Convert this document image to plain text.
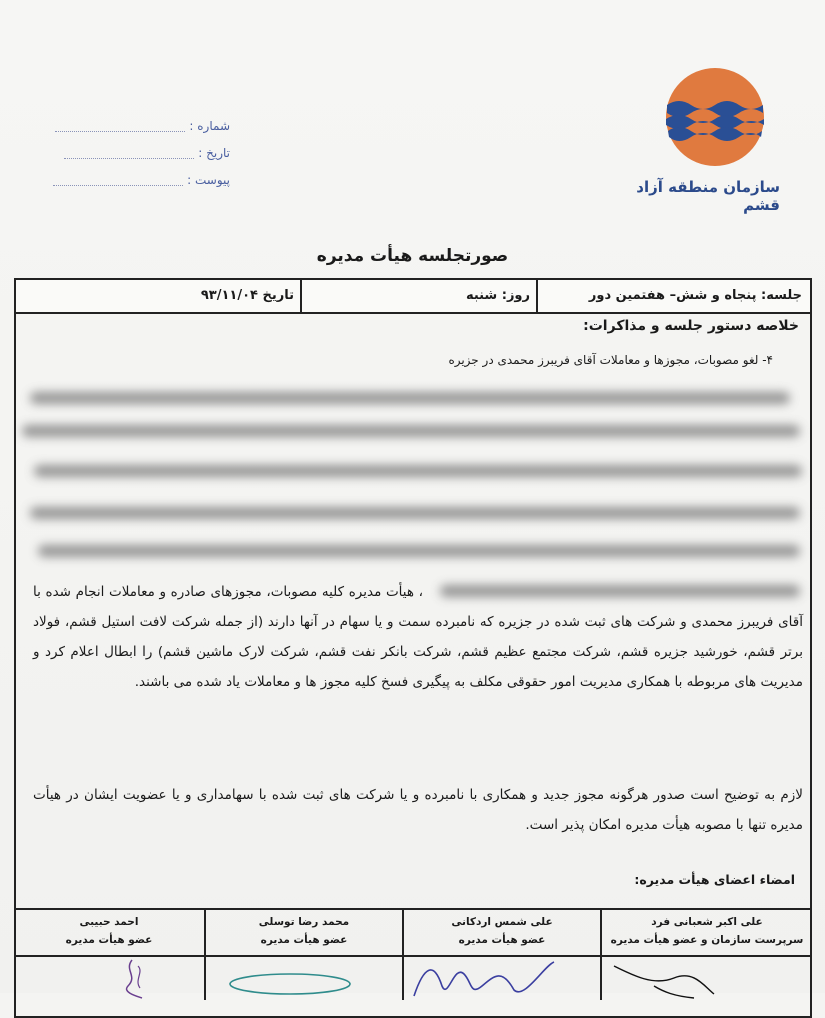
سازمان منطقه آزاد قشم
شماره :
تاریخ :
پیوست :
صورتجلسه هیأت مدیره
جلسه: پنجاه و شش– هفتمین دور
روز: شنبه
تاریخ ۹۳/۱۱/۰۴
خلاصه دستور جلسه و مذاکرات:
۴- لغو مصوبات، مجوزها و معاملات آقای فریبرز محمدی در جزیره
، هیأت مدیره کلیه مصوبات، مجوزهای صادره و معاملات انجام شده با آقای فریبرز محمدی و شرکت های ثبت شده در جزیره که نامبرده سمت و یا سهام در آنها دارند (از جمله شرکت لافت استیل قشم، فولاد برتر قشم، خورشید جزیره قشم، شرکت مجتمع عظیم قشم، شرکت بانکر نفت قشم، شرکت لارک ماشین قشم) را ابطال اعلام کرد و مدیریت های مربوطه با همکاری مدیریت امور حقوقی مکلف به پیگیری فسخ کلیه مجوز ها و معاملات یاد شده می باشند.
لازم به توضیح است صدور هرگونه مجوز جدید و همکاری با نامبرده و یا شرکت های ثبت شده با سهامداری و یا عضویت ایشان در هیأت مدیره تنها با مصوبه هیأت مدیره امکان پذیر است.
امضاء اعضای هیأت مدیره:
علی اکبر شعبانی فرد
سرپرست سازمان و عضو هیأت مدیره
علی شمس اردکانی
عضو هیأت مدیره
محمد رضا توسلی
عضو هیأت مدیره
احمد حبیبی
عضو هیأت مدیره
